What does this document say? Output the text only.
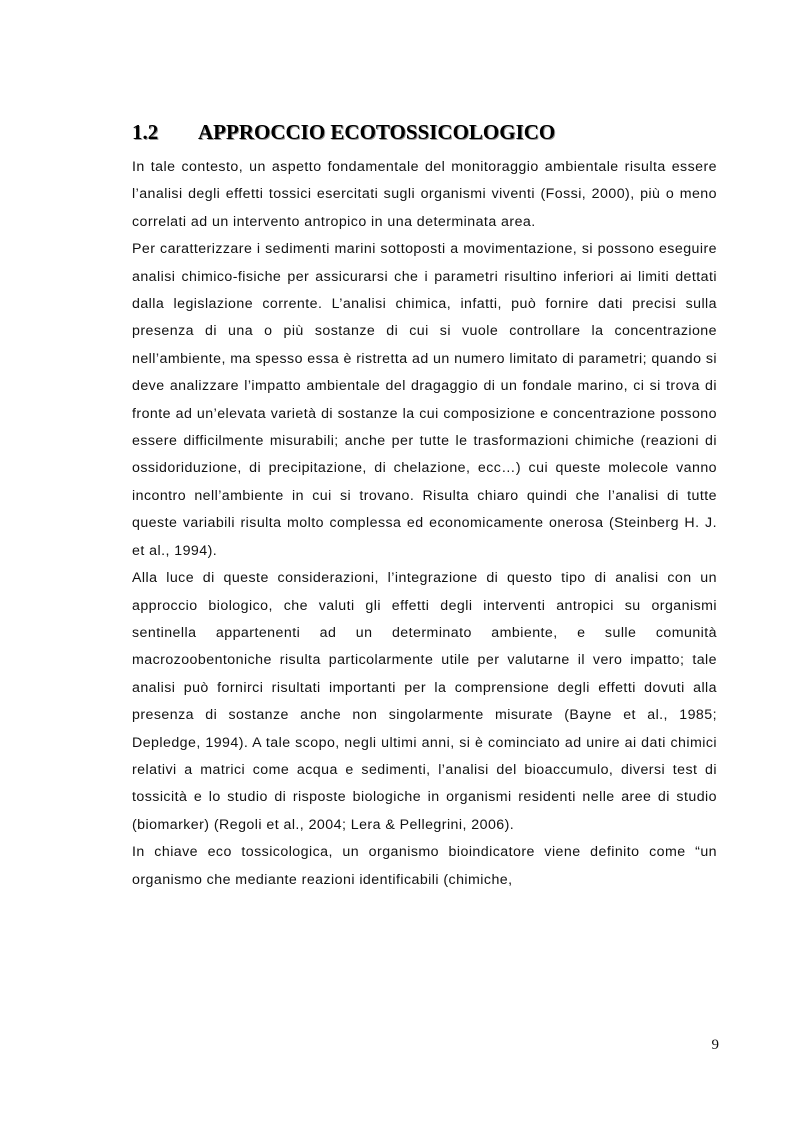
1.2 APPROCCIO ECOTOSSICOLOGICO

In tale contesto, un aspetto fondamentale del monitoraggio ambientale risulta essere l’analisi degli effetti tossici esercitati sugli organismi viventi (Fossi, 2000), più o meno correlati ad un intervento antropico in una determinata area.

Per caratterizzare i sedimenti marini sottoposti a movimentazione, si possono eseguire analisi chimico-fisiche per assicurarsi che i parametri risultino inferiori ai limiti dettati dalla legislazione corrente. L’analisi chimica, infatti, può fornire dati precisi sulla presenza di una o più sostanze di cui si vuole controllare la concentrazione nell’ambiente, ma spesso essa è ristretta ad un numero limitato di parametri; quando si deve analizzare l’impatto ambientale del dragaggio di un fondale marino, ci si trova di fronte ad un’elevata varietà di sostanze la cui composizione e concentrazione possono essere difficilmente misurabili; anche per tutte le trasformazioni chimiche (reazioni di ossidoriduzione, di precipitazione, di chelazione, ecc…) cui queste molecole vanno incontro nell’ambiente in cui si trovano. Risulta chiaro quindi che l’analisi di tutte queste variabili risulta molto complessa ed economicamente onerosa (Steinberg H. J. et al., 1994).

Alla luce di queste considerazioni, l’integrazione di questo tipo di analisi con un approccio biologico, che valuti gli effetti degli interventi antropici su organismi sentinella appartenenti ad un determinato ambiente, e sulle comunità macrozoobentoniche risulta particolarmente utile per valutarne il vero impatto; tale analisi può fornirci risultati importanti per la comprensione degli effetti dovuti alla presenza di sostanze anche non singolarmente misurate (Bayne et al., 1985; Depledge, 1994). A tale scopo, negli ultimi anni, si è cominciato ad unire ai dati chimici relativi a matrici come acqua e sedimenti, l’analisi del bioaccumulo, diversi test di tossicità e lo studio di risposte biologiche in organismi residenti nelle aree di studio (biomarker) (Regoli et al., 2004; Lera & Pellegrini, 2006).

In chiave eco tossicologica, un organismo bioindicatore viene definito come “un organismo che mediante reazioni identificabili (chimiche,

9
